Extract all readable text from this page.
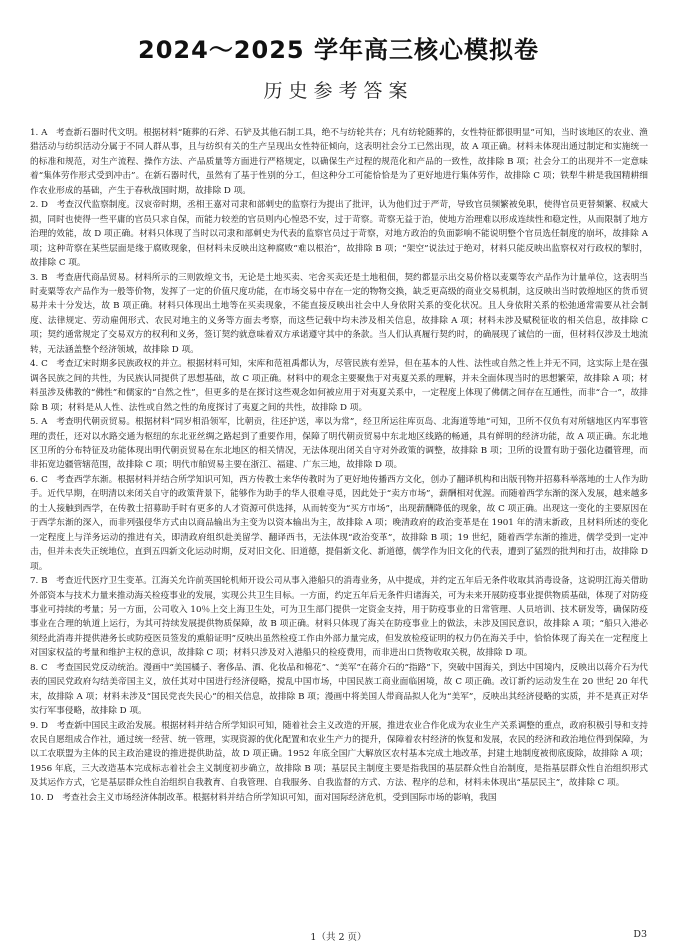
2024～2025 学年高三核心模拟卷
历史参考答案

1. A　考查新石器时代文明。根据材料“随葬的石斧、石铲及其他石制工具，绝不与纺轮共存；凡有纺轮随葬的，女性特征都很明显”可知，当时该地区的农业、渔猎活动与纺织活动分属于不同人群从事，且与纺织有关的生产呈现出女性特征倾向，这表明社会分工已然出现，故 A 项正确。材料未体现出通过制定和实施统一的标准和规范，对生产流程、操作方法、产品质量等方面进行严格规定，以确保生产过程的规范化和产品的一致性，故排除 B 项；社会分工的出现并不一定意味着“集体劳作形式受到冲击”。在新石器时代，虽然有了基于性别的分工，但这种分工可能恰恰是为了更好地进行集体劳作，故排除 C 项；铁犁牛耕是我国精耕细作农业形成的基础，产生于春秋战国时期，故排除 D 项。

2. D　考查汉代监察制度。汉哀帝时期，丞相王嘉对司隶和部刺史的监察行为提出了批评，认为他们过于严苛，导致官员频繁被免职，使得官员更替频繁、权威大损，同时也使得一些平庸的官员只求自保，而能力较差的官员则内心惶恐不安，过于苛察。苛察无益于治，使地方治理难以形成连续性和稳定性，从而限制了地方治理的效能，故 D 项正确。材料只体现了当时以司隶和部刺史为代表的监察官员过于苛察，对地方政治的负面影响不能说明整个官员选任制度的崩坏，故排除 A 项；这种苛察在某些层面是缘于腐败现象，但材料未反映出这种腐败“难以根治”，故排除 B 项；“架空”说法过于绝对，材料只能反映出监察权对行政权的掣肘，故排除 C 项。

3. B　考查唐代商品贸易。材料所示的三则敦煌文书，无论是土地买卖、宅舍买卖还是土地租佃，契约都显示出交易价格以麦粟等农产品作为计量单位，这表明当时麦粟等农产品作为一般等价物，发挥了一定的价值尺度功能，在市场交易中存在一定的物物交换，缺乏更高级的商业交易机制，这反映出当时敦煌地区的货币贸易并未十分发达，故 B 项正确。材料只体现出土地等在买卖现象，不能直接反映出社会中人身依附关系的变化状况。且人身依附关系的松弛通常需要从社会制度、法律规定、劳动雇佣形式、农民对地主的义务等方面去考察，而这些记载中均未涉及相关信息，故排除 A 项；材料未涉及赋税征收的相关信息，故排除 C 项；契约通常规定了交易双方的权利和义务，签订契约就意味着双方承诺遵守其中的条款。当人们认真履行契约时，的确展现了诚信的一面，但材料仅涉及土地流转，无法涵盖整个经济领域，故排除 D 项。

4. C　考查辽宋时期多民族政权的并立。根据材料可知，宋库和范祖禹都认为，尽管民族有差异，但在基本的人性、法性或自然之性上并无不同，这实际上是在强调各民族之间的共性，为民族认同提供了思想基础，故 C 项正确。材料中的观念主要聚焦于对夷夏关系的理解，并未全面体现当时的思想繁荣，故排除 A 项；材料虽涉及佛教的“佛性”和儒家的“自然之性”，但更多的是在探讨这些观念如何被应用于对夷夏关系中，一定程度上体现了佛儒之间存在互通性，而非“合一”，故排除 B 项；材料是从人性、法性或自然之性的角度探讨了夷夏之间的共性，故排除 D 项。

5. A　考查明代朝贡贸易。根据材料“同岁相沿领军，比朝贡，往还护送，率以为常”，经卫所运往库页岛、北海道等地“可知，卫所不仅负有对所辖地区内军事管理的责任，还对以水路交通为枢纽的东北亚丝绸之路起到了重要作用，保障了明代朝贡贸易中东北地区线路的畅通，具有鲜明的经济功能，故 A 项正确。东北地区卫所的分布特征及功能体现出明代朝贡贸易在东北地区的相关情况，无法体现出闭关自守对外政策的调整，故排除 B 项；卫所的设置有助于强化边疆管理，而非拓宽边疆管辖范围，故排除 C 项；明代市舶贸易主要在浙江、福建、广东三地，故排除 D 项。

6. C　考查西学东渐。根据材料并结合所学知识可知，西方传教士来华传教时为了更好地传播西方文化，创办了翻译机构和出版刊物并招募科举落地的士人作为助手。近代早期，在明清以来闭关自守的政策背景下，能够作为助手的华人很难寻觅，因此处于“卖方市场”，薪酬相对优渥。而随着西学东渐的深入发展，越来越多的士人接触到西学，在传教士招募助手时有更多的人才资源可供选择，从而转变为“买方市场”，出现薪酬降低的现象，故 C 项正确。出现这一变化的主要原因在于西学东渐的深入，而非列强侵华方式由以商品输出为主变为以资本输出为主，故排除 A 项；晚清政府的政治变革是在 1901 年的清末新政，且材料所述的变化一定程度上与洋务运动的推进有关，即清政府组织赴美留学、翻译西书，无法体现“政治变革”，故排除 B 项；19 世纪，随着西学东渐的推进，儒学受到一定冲击，但并未丧失正统地位，直到五四新文化运动时期，反对旧文化、旧道德，提倡新文化、新道德，儒学作为旧文化的代表，遭到了猛烈的批判和打击，故排除 D 项。

7. B　考查近代医疗卫生变革。江海关允许前英国轮机师开设公司从事入港船只的消毒业务，从中提成，并约定五年后无条件收取其消毒设备，这说明江海关借助外部资本与技术力量来推动海关检疫事业的发展，实现公共卫生目标。一方面，约定五年后无条件归诸海关，可为未来开展防疫事业提供物质基础，体现了对防疫事业可持续的考量；另一方面，公司收入 10％上交上海卫生处，可为卫生部门提供一定资金支持，用于防疫事业的日常管理、人员培训、技术研发等，确保防疫事业在合理的轨道上运行，为其可持续发展提供物质保障，故 B 项正确。材料只体现了海关在防疫事业上的做法，未涉及国民意识，故排除 A 项；“船只入港必须经此消毒并提供港务长或防疫医员签发的熏船证明”反映出虽然检疫工作由外部力量完成，但发放检疫证明的权力仍在海关手中，恰恰体现了海关在一定程度上对国家权益的考量和维护主权的意识，故排除 C 项；材料只涉及对入港船只的检疫费用，而非进出口货物收取关税，故排除 D 项。

8. C　考查国民党反动统治。漫画中“美国橘子、奢侈品、酒、化妆品和棉花”、“美军”在蒋介石的“指路”下，突破中国海关，到达中国境内，反映出以蒋介石为代表的国民党政府勾结美帝国主义，放任其对中国进行经济侵略，搅乱中国市场，中国民族工商业面临困境，故 C 项正确。改订新约运动发生在 20 世纪 20 年代末，故排除 A 项；材料未涉及“国民党丧失民心”的相关信息，故排除 B 项；漫画中将美国人带商品拟人化为“美军”，反映出其经济侵略的实质，并不是真正对华实行军事侵略，故排除 D 项。

9. D　考查新中国民主政治发展。根据材料并结合所学知识可知，随着社会主义改造的开展，推进农业合作化成为农业生产关系调整的重点，政府积极引导和支持农民自愿组成合作社，通过统一经营、统一管理，实现资源的优化配置和农业生产力的提升，保障着农村经济的恢复和发展，农民的经济和政治地位得到保障，为以工农联盟为主体的民主政治建设的推进提供助益，故 D 项正确。1952 年底全国广大解放区农村基本完成土地改革，封建土地制度被彻底废除，故排除 A 项；1956 年底，三大改造基本完成标志着社会主义制度初步确立，故排除 B 项；基层民主制度主要是指我国的基层群众性自治制度，是指基层群众性自治组织形式及其运作方式，它是基层群众性自治组织自我教育、自我管理、自我服务、自我监督的方式、方法、程序的总和，材料未体现出“基层民主”，故排除 C 项。

10. D　考查社会主义市场经济体制改革。根据材料并结合所学知识可知，面对国际经济危机，受到国际市场的影响，我国

1（共 2 页）	D3
